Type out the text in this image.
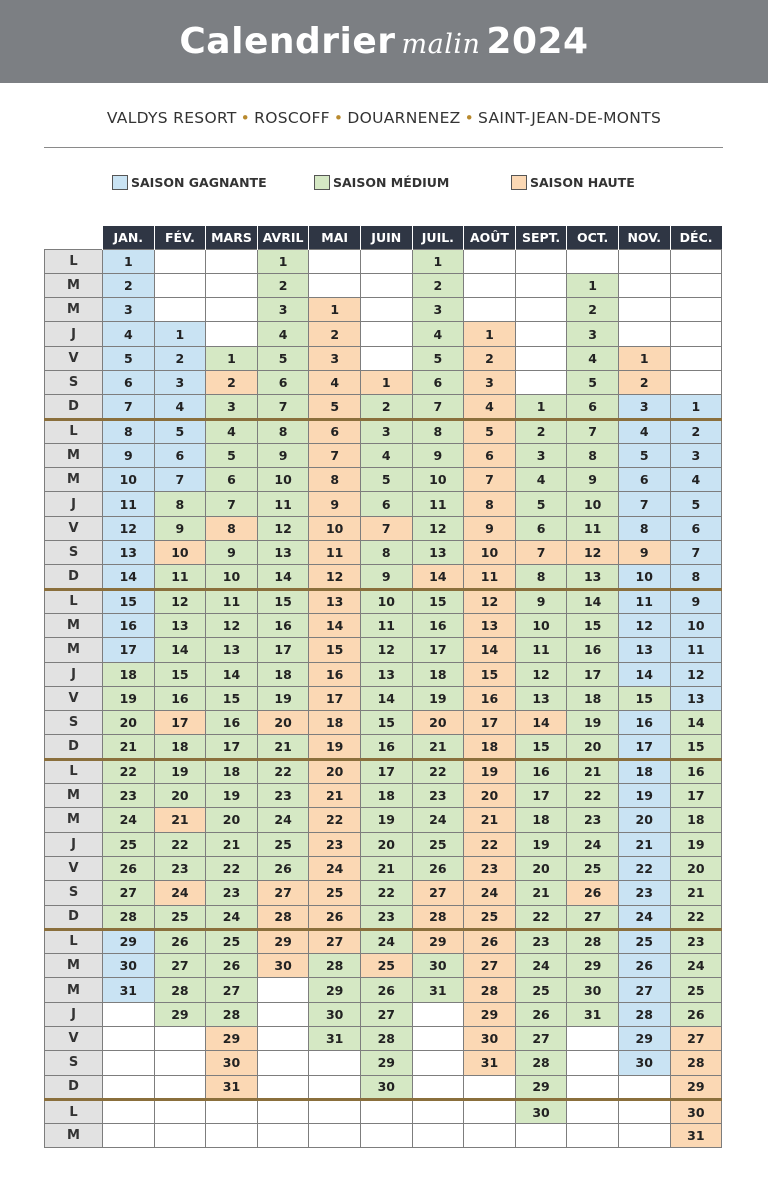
Calendrier malin 2024
VALDYS RESORT • ROSCOFF • DOUARNENEZ • SAINT-JEAN-DE-MONTS
SAISON GAGNANTE	SAISON MÉDIUM	SAISON HAUTE
	JAN.	FÉV.	MARS	AVRIL	MAI	JUIN	JUIL.	AOÛT	SEPT.	OCT.	NOV.	DÉC.
L	1			1			1					
M	2			2			2			1		
M	3			3	1		3			2		
J	4	1		4	2		4	1		3		
V	5	2	1	5	3		5	2		4	1	
S	6	3	2	6	4	1	6	3		5	2	
D	7	4	3	7	5	2	7	4	1	6	3	1
L	8	5	4	8	6	3	8	5	2	7	4	2
M	9	6	5	9	7	4	9	6	3	8	5	3
M	10	7	6	10	8	5	10	7	4	9	6	4
J	11	8	7	11	9	6	11	8	5	10	7	5
V	12	9	8	12	10	7	12	9	6	11	8	6
S	13	10	9	13	11	8	13	10	7	12	9	7
D	14	11	10	14	12	9	14	11	8	13	10	8
L	15	12	11	15	13	10	15	12	9	14	11	9
M	16	13	12	16	14	11	16	13	10	15	12	10
M	17	14	13	17	15	12	17	14	11	16	13	11
J	18	15	14	18	16	13	18	15	12	17	14	12
V	19	16	15	19	17	14	19	16	13	18	15	13
S	20	17	16	20	18	15	20	17	14	19	16	14
D	21	18	17	21	19	16	21	18	15	20	17	15
L	22	19	18	22	20	17	22	19	16	21	18	16
M	23	20	19	23	21	18	23	20	17	22	19	17
M	24	21	20	24	22	19	24	21	18	23	20	18
J	25	22	21	25	23	20	25	22	19	24	21	19
V	26	23	22	26	24	21	26	23	20	25	22	20
S	27	24	23	27	25	22	27	24	21	26	23	21
D	28	25	24	28	26	23	28	25	22	27	24	22
L	29	26	25	29	27	24	29	26	23	28	25	23
M	30	27	26	30	28	25	30	27	24	29	26	24
M	31	28	27		29	26	31	28	25	30	27	25
J		29	28		30	27		29	26	31	28	26
V			29		31	28		30	27		29	27
S			30			29		31	28		30	28
D			31			30			29			29
L									30			30
M												31
